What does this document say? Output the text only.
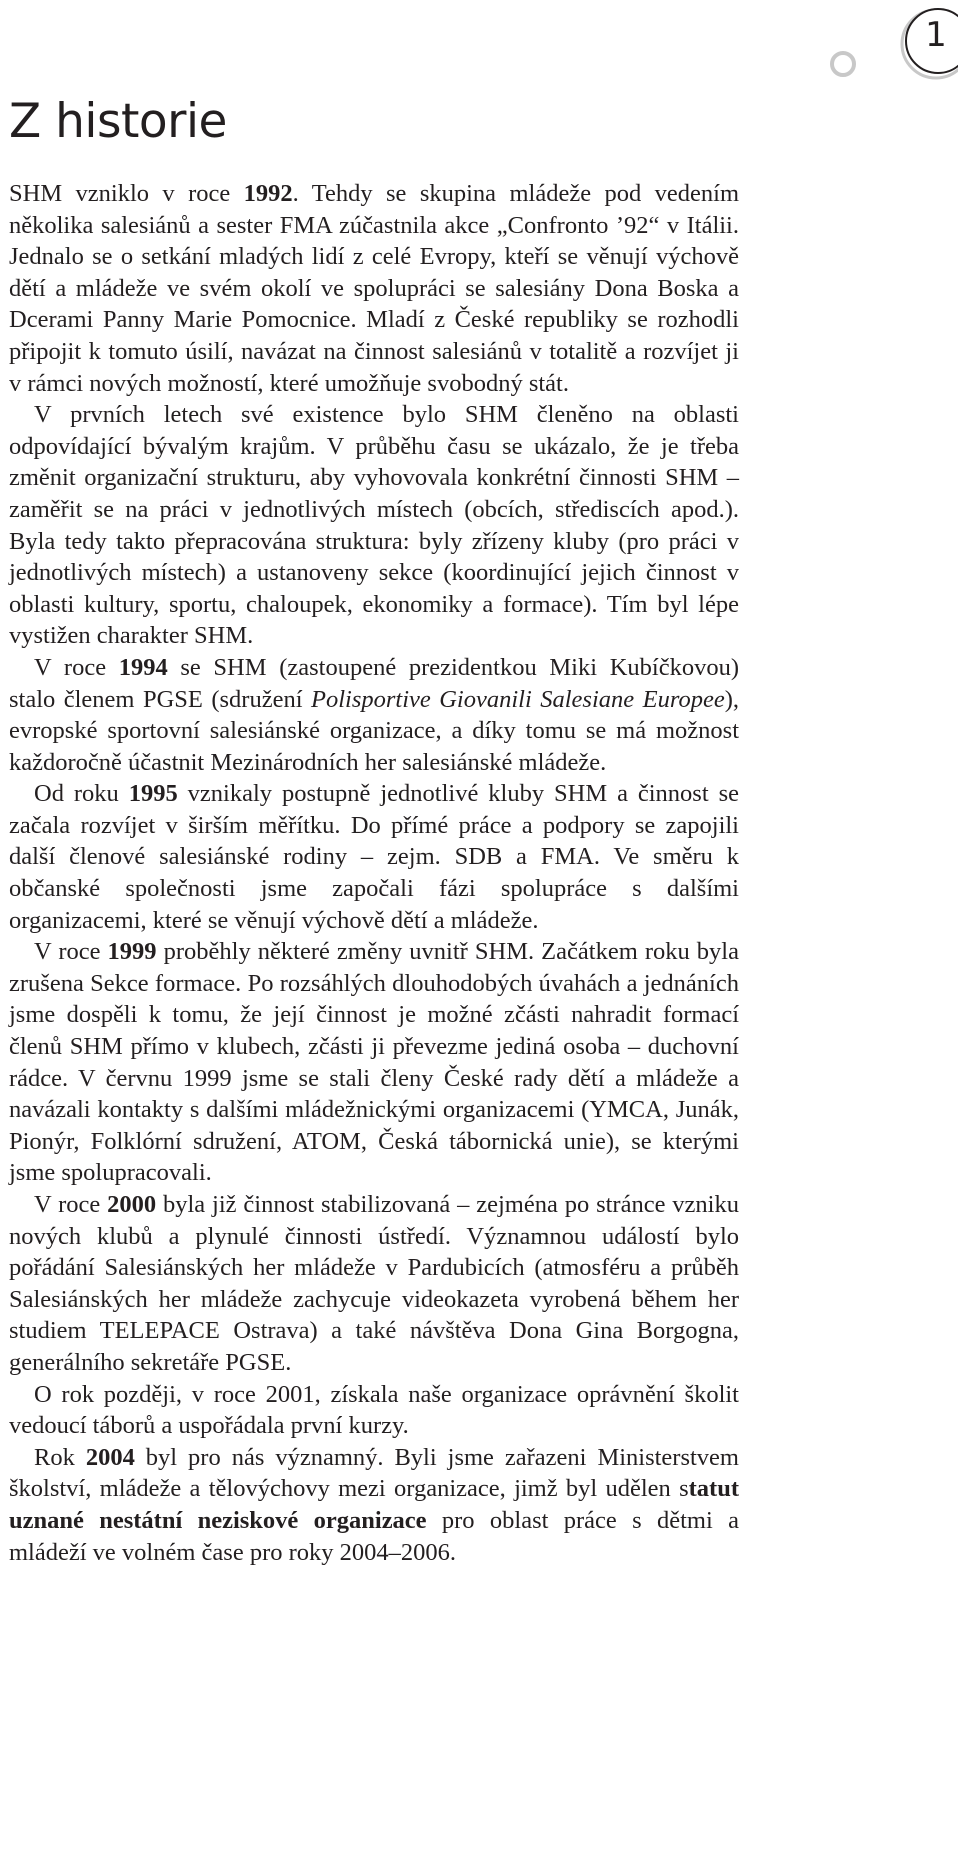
1
Z historie

SHM vzniklo v roce 1992. Tehdy se skupina mládeže pod vedením několika salesiánů a sester FMA zúčastnila akce „Confronto ’92“ v Itálii. Jednalo se o setkání mladých lidí z celé Evropy, kteří se věnují výchově dětí a mládeže ve svém okolí ve spolupráci se salesiány Dona Boska a Dcerami Panny Marie Pomocnice. Mladí z České republiky se rozhodli připojit k tomuto úsilí, navázat na činnost salesiánů v totalitě a rozvíjet ji v rámci nových možností, které umožňuje svobodný stát.

V prvních letech své existence bylo SHM členěno na oblasti odpovídající bývalým krajům. V průběhu času se ukázalo, že je třeba změnit organizační strukturu, aby vyhovovala konkrétní činnosti SHM – zaměřit se na práci v jednotlivých místech (obcích, střediscích apod.). Byla tedy takto přepracována struktura: byly zřízeny kluby (pro práci v jednotlivých místech) a ustanoveny sekce (koordinující jejich činnost v oblasti kultury, sportu, chaloupek, ekonomiky a formace). Tím byl lépe vystižen charakter SHM.

V roce 1994 se SHM (zastoupené prezidentkou Miki Kubíčkovou) stalo členem PGSE (sdružení Polisportive Giovanili Salesiane Europee), evropské sportovní salesiánské organizace, a díky tomu se má možnost každoročně účastnit Mezinárodních her salesiánské mládeže.

Od roku 1995 vznikaly postupně jednotlivé kluby SHM a činnost se začala rozvíjet v širším měřítku. Do přímé práce a podpory se zapojili další členové salesiánské rodiny – zejm. SDB a FMA. Ve směru k občanské společnosti jsme započali fázi spolupráce s dalšími organizacemi, které se věnují výchově dětí a mládeže.

V roce 1999 proběhly některé změny uvnitř SHM. Začátkem roku byla zrušena Sekce formace. Po rozsáhlých dlouhodobých úvahách a jednáních jsme dospěli k tomu, že její činnost je možné zčásti nahradit formací členů SHM přímo v klubech, zčásti ji převezme jediná osoba – duchovní rádce. V červnu 1999 jsme se stali členy České rady dětí a mládeže a navázali kontakty s dalšími mládežnickými organizacemi (YMCA, Junák, Pionýr, Folklórní sdružení, ATOM, Česká tábornická unie), se kterými jsme spolupracovali.

V roce 2000 byla již činnost stabilizovaná – zejména po stránce vzniku nových klubů a plynulé činnosti ústředí. Významnou událostí bylo pořádání Salesiánských her mládeže v Pardubicích (atmosféru a průběh Salesiánských her mládeže zachycuje videokazeta vyrobená během her studiem TELEPACE Ostrava) a také návštěva Dona Gina Borgogna, generálního sekretáře PGSE.

O rok později, v roce 2001, získala naše organizace oprávnění školit vedoucí táborů a uspořádala první kurzy.

Rok 2004 byl pro nás významný. Byli jsme zařazeni Ministerstvem školství, mládeže a tělovýchovy mezi organizace, jimž byl udělen statut uznané nestátní neziskové organizace pro oblast práce s dětmi a mládeží ve volném čase pro roky 2004–2006.
